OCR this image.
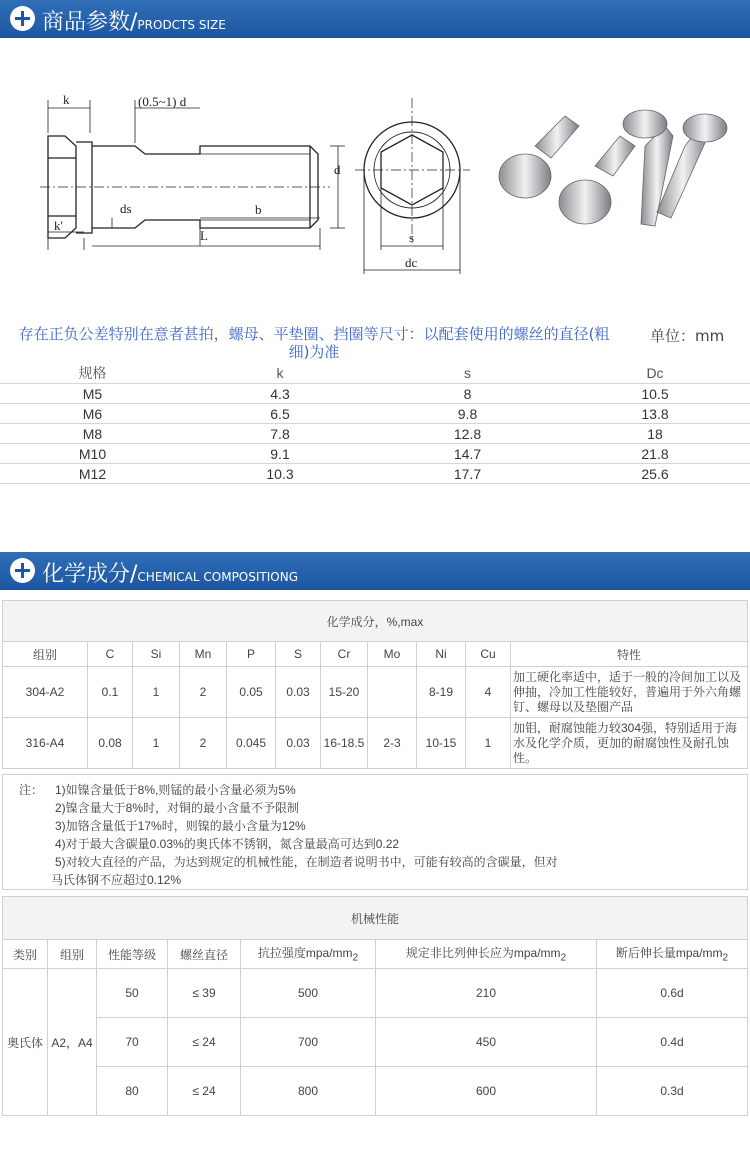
商品参数/PRODCTS SIZE
k	(0.5~1) d
ds	b
L
k'
d
s
dc
存在正负公差特别在意者甚拍，螺母、平垫圈、挡圈等尺寸：以配套使用的螺丝的直径(粗细)为准
单位：mm
规格	k	s	Dc
M5	4.3	8	10.5
M6	6.5	9.8	13.8
M8	7.8	12.8	18
M10	9.1	14.7	21.8
M12	10.3	17.7	25.6
化学成分/CHEMICAL COMPOSITIONG
化学成分，%,max										
组别	C	Si	Mn	P	S	Cr	Mo	Ni	Cu	特性
304-A2	0.1	1	2	0.05	0.03	15-20		8-19	4	加工硬化率适中，适于一般的冷间加工以及伸抽，冷加工性能较好，普遍用于外六角螺钉、螺母以及垫圈产品
316-A4	0.08	1	2	0.045	0.03	16-18.5	2-3	10-15	1	加钼，耐腐蚀能力较304强，特别适用于海水及化学介质，更加的耐腐蚀性及耐孔蚀性。
注： 1)如镍含量低于8%,则锰的最小含量必须为5%
2)镍含量大于8%时，对铜的最小含量不予限制
3)加铬含量低于17%时，则镍的最小含量为12%
4)对于最大含碳量0.03%的奥氏体不锈钢，氮含量最高可达到0.22
5)对较大直径的产品，为达到规定的机械性能，在制造者说明书中，可能有较高的含碳量，但对
马氏体钢不应超过0.12%
机械性能						
类别	组别	性能等级	螺丝直径	抗拉强度mpa/$mm_2$	规定非比列伸长应为mpa/$mm_2$	断后伸长量mpa/$mm_2$
奥氏体	A2，A4	50	≤ 39	500	210	0.6d
		70	≤ 24	700	450	0.4d
		80	≤ 24	800	600	0.3d
